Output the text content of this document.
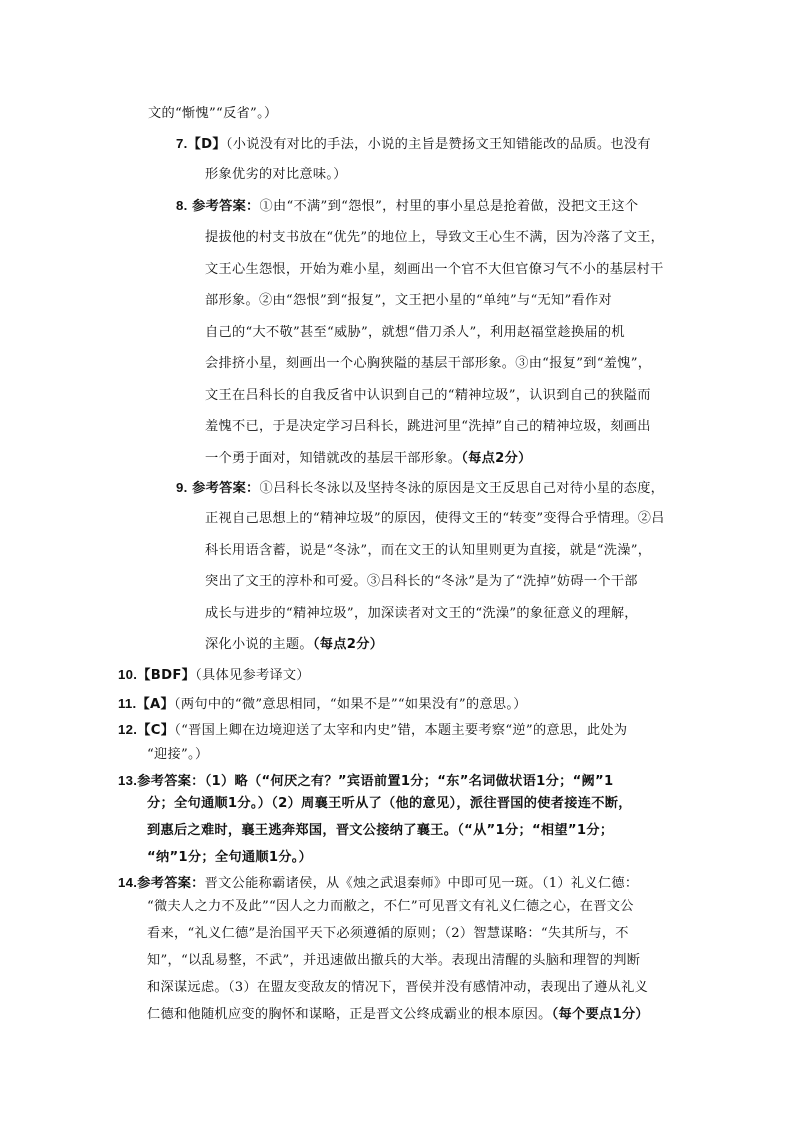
文的“惭愧”“反省”。）
7.【D】（小说没有对比的手法，小说的主旨是赞扬文王知错能改的品质。也没有
形象优劣的对比意味。）
8. 参考答案：①由“不满”到“怨恨”，村里的事小星总是抢着做，没把文王这个
提拔他的村支书放在“优先”的地位上，导致文王心生不满，因为冷落了文王，
文王心生怨恨，开始为难小星，刻画出一个官不大但官僚习气不小的基层村干
部形象。②由“怨恨”到“报复”，文王把小星的“单纯”与“无知”看作对
自己的“大不敬”甚至“威胁”，就想“借刀杀人”，利用赵福堂趁换届的机
会排挤小星，刻画出一个心胸狭隘的基层干部形象。③由“报复”到“羞愧”，
文王在吕科长的自我反省中认识到自己的“精神垃圾”，认识到自己的狭隘而
羞愧不已，于是决定学习吕科长，跳进河里“洗掉”自己的精神垃圾，刻画出
一个勇于面对，知错就改的基层干部形象。（每点2分）
9. 参考答案：①吕科长冬泳以及坚持冬泳的原因是文王反思自己对待小星的态度，
正视自己思想上的“精神垃圾”的原因，使得文王的“转变”变得合乎情理。②吕
科长用语含蓄，说是“冬泳”，而在文王的认知里则更为直接，就是“洗澡”，
突出了文王的淳朴和可爱。③吕科长的“冬泳”是为了“洗掉”妨碍一个干部
成长与进步的“精神垃圾”，加深读者对文王的“洗澡”的象征意义的理解，
深化小说的主题。（每点2分）
10.【BDF】（具体见参考译文）
11.【A】（两句中的“微”意思相同，“如果不是”“如果没有”的意思。）
12.【C】（“晋国上卿在边境迎送了太宰和内史”错，本题主要考察“逆”的意思，此处为
“迎接”。）
13.参考答案：（1）略（“何厌之有？”宾语前置1分；“东”名词做状语1分；“阙”1
分；全句通顺1分。）（2）周襄王听从了（他的意见），派往晋国的使者接连不断，
到惠后之难时，襄王逃奔郑国，晋文公接纳了襄王。（“从”1分；“相望”1分；
“纳”1分；全句通顺1分。）
14.参考答案：晋文公能称霸诸侯，从《烛之武退秦师》中即可见一斑。（1）礼义仁德：
“微夫人之力不及此”“因人之力而敝之，不仁”可见晋文有礼义仁德之心，在晋文公
看来，“礼义仁德”是治国平天下必须遵循的原则；（2）智慧谋略：“失其所与，不
知”，“以乱易整，不武”，并迅速做出撤兵的大举。表现出清醒的头脑和理智的判断
和深谋远虑。（3）在盟友变敌友的情况下，晋侯并没有感情冲动，表现出了遵从礼义
仁德和他随机应变的胸怀和谋略，正是晋文公终成霸业的根本原因。（每个要点1分）
